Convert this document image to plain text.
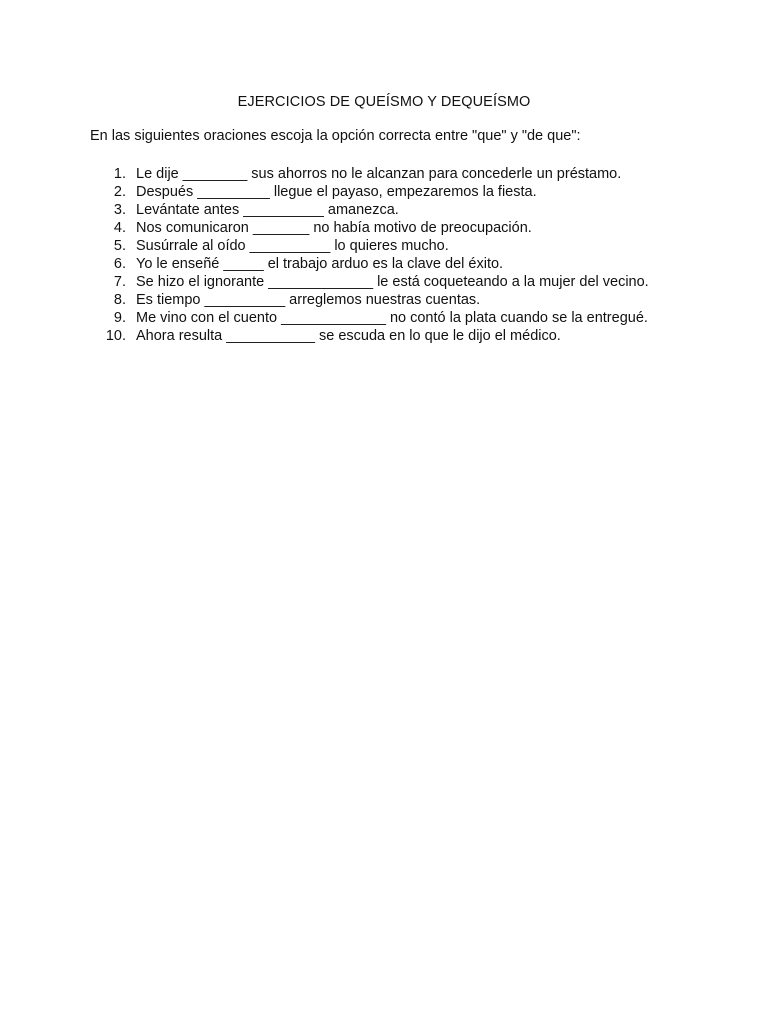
EJERCICIOS DE QUEÍSMO Y DEQUEÍSMO
En las siguientes oraciones escoja la opción correcta entre "que" y "de que":
1. Le dije ________ sus ahorros no le alcanzan para concederle un préstamo.
2. Después _________ llegue el payaso, empezaremos la fiesta.
3. Levántate antes __________ amanezca.
4. Nos comunicaron _______ no había motivo de preocupación.
5. Susúrrale al oído __________ lo quieres mucho.
6. Yo le enseñé _____ el trabajo arduo es la clave del éxito.
7. Se hizo el ignorante _____________ le está coqueteando a la mujer del vecino.
8. Es tiempo __________ arreglemos nuestras cuentas.
9. Me vino con el cuento _____________ no contó la plata cuando se la entregué.
10. Ahora resulta ___________ se escuda en lo que le dijo el médico.
